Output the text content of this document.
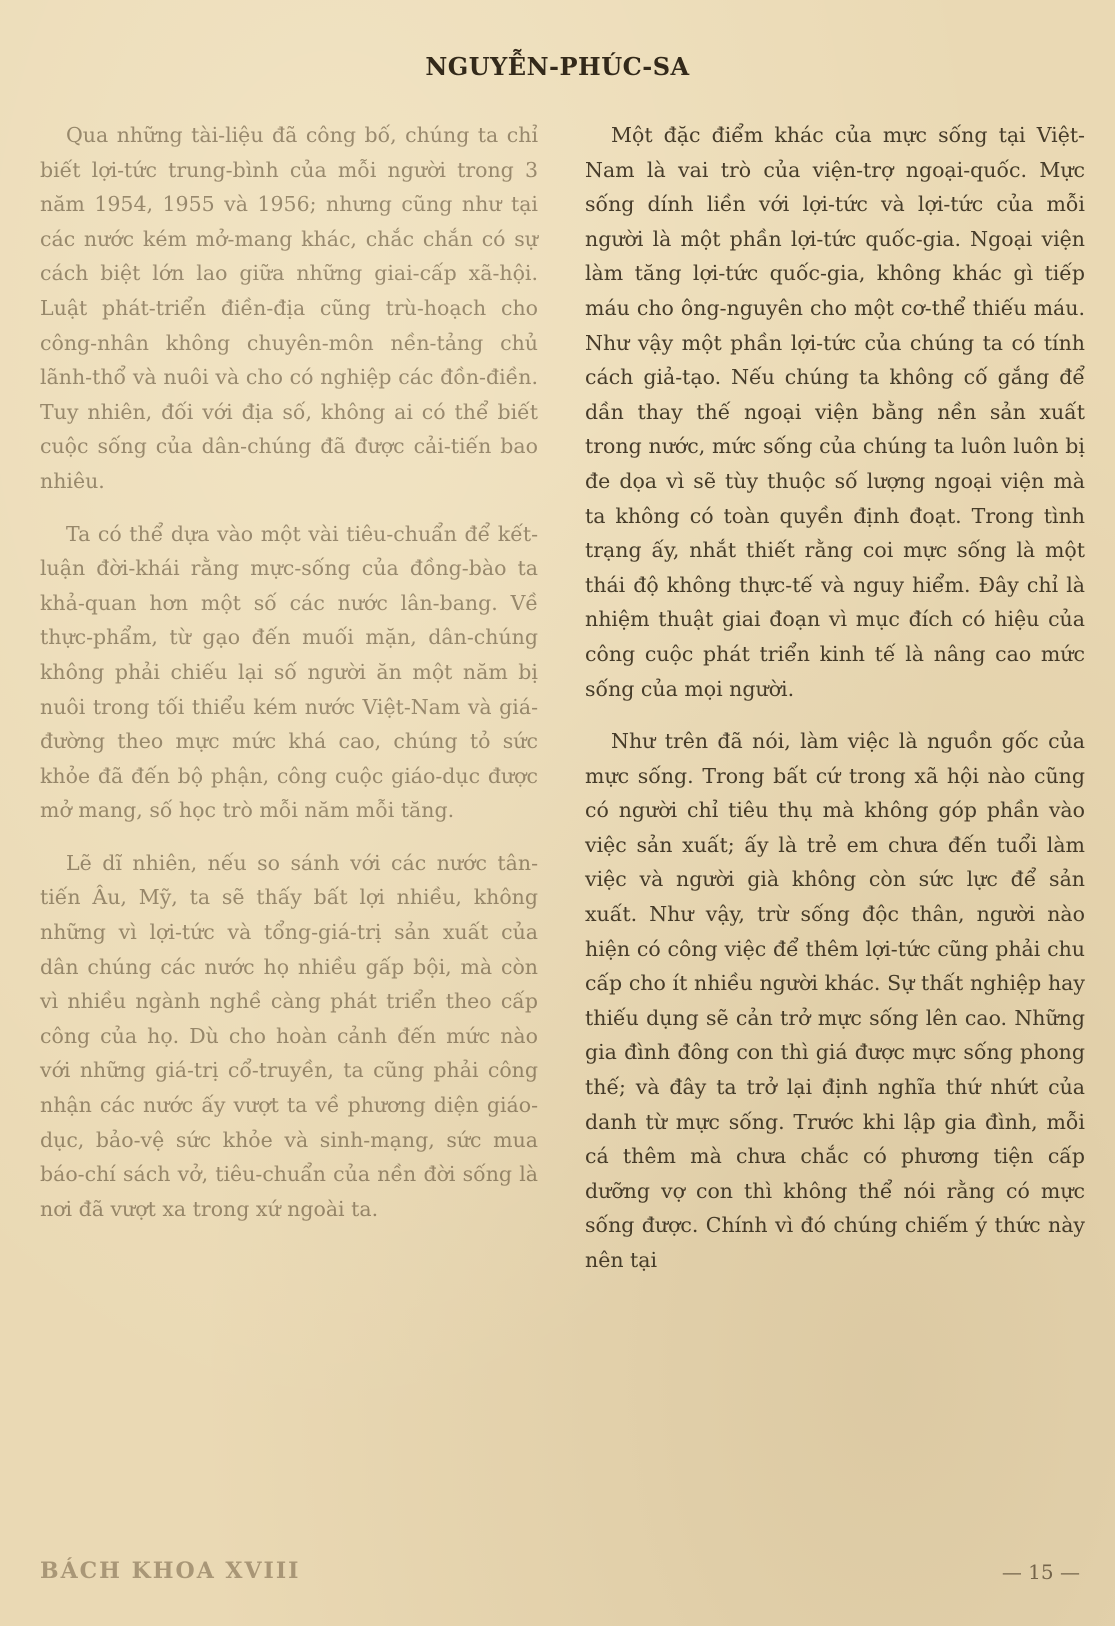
NGUYỄN-PHÚC-SA

Qua những tài-liệu đã công bố, chúng ta chỉ biết lợi-tức trung-bình của mỗi người trong 3 năm 1954, 1955 và 1956; nhưng cũng như tại các nước kém mở-mang khác, chắc chắn có sự cách biệt lớn lao giữa những giai-cấp xã-hội. Luật phát-triển điền-địa cũng trù-hoạch cho công-nhân không chuyên-môn nền-tảng chủ lãnh-thổ và nuôi và cho có nghiệp các đồn-điền. Tuy nhiên, đối với địa số, không ai có thể biết cuộc sống của dân-chúng đã được cải-tiến bao nhiêu.

Ta có thể dựa vào một vài tiêu-chuẩn để kết-luận đời-khái rằng mực-sống của đồng-bào ta khả-quan hơn một số các nước lân-bang. Về thực-phẩm, từ gạo đến muối mặn, dân-chúng không phải chiếu lại số người ăn một năm bị nuôi trong tối thiểu kém nước Việt-Nam và giá-đường theo mực mức khá cao, chúng tỏ sức khỏe đã đến bộ phận, công cuộc giáo-dục được mở mang, số học trò mỗi năm mỗi tăng.

Lẽ dĩ nhiên, nếu so sánh với các nước tân-tiến Âu, Mỹ, ta sẽ thấy bất lợi nhiều, không những vì lợi-tức và tổng-giá-trị sản xuất của dân chúng các nước họ nhiều gấp bội, mà còn vì nhiều ngành nghề càng phát triển theo cấp công của họ. Dù cho hoàn cảnh đến mức nào với những giá-trị cổ-truyền, ta cũng phải công nhận các nước ấy vượt ta về phương diện giáo-dục, bảo-vệ sức khỏe và sinh-mạng, sức mua báo-chí sách vở, tiêu-chuẩn của nền đời sống là nơi đã vượt xa trong xứ ngoài ta.

Một đặc điểm khác của mực sống tại Việt-Nam là vai trò của viện-trợ ngoại-quốc. Mực sống dính liền với lợi-tức và lợi-tức của mỗi người là một phần lợi-tức quốc-gia. Ngoại viện làm tăng lợi-tức quốc-gia, không khác gì tiếp máu cho ông-nguyên cho một cơ-thể thiếu máu. Như vậy một phần lợi-tức của chúng ta có tính cách giả-tạo. Nếu chúng ta không cố gắng để dần thay thế ngoại viện bằng nền sản xuất trong nước, mức sống của chúng ta luôn luôn bị đe dọa vì sẽ tùy thuộc số lượng ngoại viện mà ta không có toàn quyền định đoạt. Trong tình trạng ấy, nhắt thiết rằng coi mực sống là một thái độ không thực-tế và nguy hiểm. Đây chỉ là nhiệm thuật giai đoạn vì mục đích có hiệu của công cuộc phát triển kinh tế là nâng cao mức sống của mọi người.

Như trên đã nói, làm việc là nguồn gốc của mực sống. Trong bất cứ trong xã hội nào cũng có người chỉ tiêu thụ mà không góp phần vào việc sản xuất; ấy là trẻ em chưa đến tuổi làm việc và người già không còn sức lực để sản xuất. Như vậy, trừ sống độc thân, người nào hiện có công việc để thêm lợi-tức cũng phải chu cấp cho ít nhiều người khác. Sự thất nghiệp hay thiếu dụng sẽ cản trở mực sống lên cao. Những gia đình đông con thì giá được mực sống phong thế; và đây ta trở lại định nghĩa thứ nhứt của danh từ mực sống. Trước khi lập gia đình, mỗi cá thêm mà chưa chắc có phương tiện cấp dưỡng vợ con thì không thể nói rằng có mực sống được. Chính vì đó chúng chiếm ý thức này nên tại

BÁCH KHOA XVIII	— 15 —
